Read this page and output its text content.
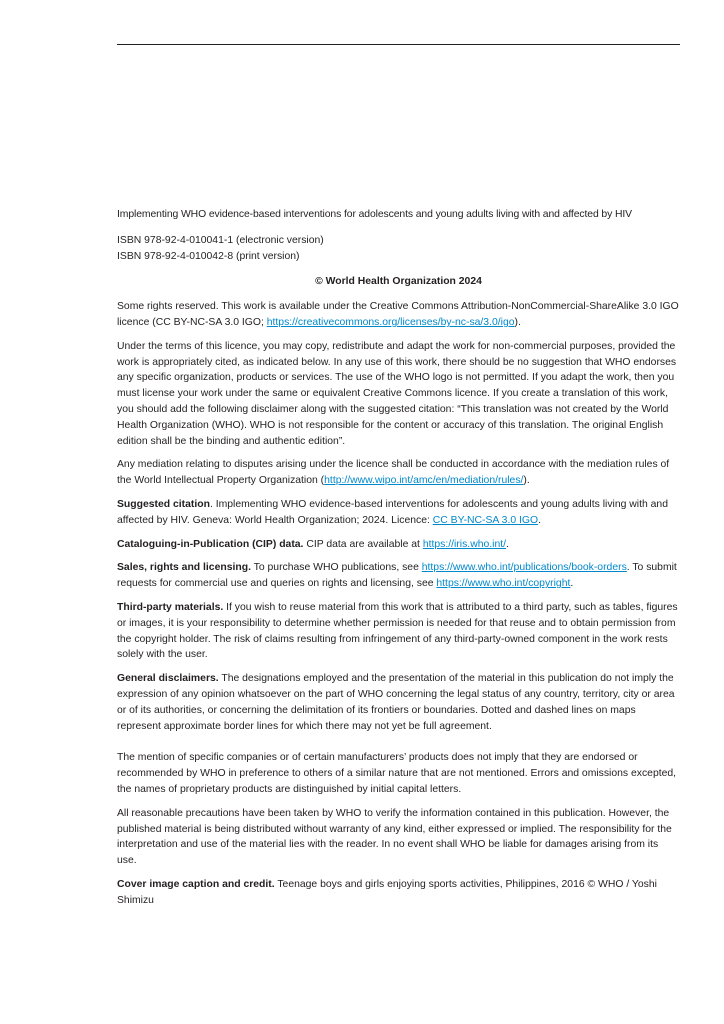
Implementing WHO evidence-based interventions for adolescents and young adults living with and affected by HIV

ISBN 978-92-4-010041-1 (electronic version)
ISBN 978-92-4-010042-8 (print version)

© World Health Organization 2024

Some rights reserved. This work is available under the Creative Commons Attribution-NonCommercial-ShareAlike 3.0 IGO licence (CC BY-NC-SA 3.0 IGO; https://creativecommons.org/licenses/by-nc-sa/3.0/igo).

Under the terms of this licence, you may copy, redistribute and adapt the work for non-commercial purposes, provided the work is appropriately cited, as indicated below. In any use of this work, there should be no suggestion that WHO endorses any specific organization, products or services. The use of the WHO logo is not permitted. If you adapt the work, then you must license your work under the same or equivalent Creative Commons licence. If you create a translation of this work, you should add the following disclaimer along with the suggested citation: “This translation was not created by the World Health Organization (WHO). WHO is not responsible for the content or accuracy of this translation. The original English edition shall be the binding and authentic edition”.

Any mediation relating to disputes arising under the licence shall be conducted in accordance with the mediation rules of the World Intellectual Property Organization (http://www.wipo.int/amc/en/mediation/rules/).

Suggested citation. Implementing WHO evidence-based interventions for adolescents and young adults living with and affected by HIV. Geneva: World Health Organization; 2024. Licence: CC BY-NC-SA 3.0 IGO.

Cataloguing-in-Publication (CIP) data. CIP data are available at https://iris.who.int/.

Sales, rights and licensing. To purchase WHO publications, see https://www.who.int/publications/book-orders. To submit requests for commercial use and queries on rights and licensing, see https://www.who.int/copyright.

Third-party materials. If you wish to reuse material from this work that is attributed to a third party, such as tables, figures or images, it is your responsibility to determine whether permission is needed for that reuse and to obtain permission from the copyright holder. The risk of claims resulting from infringement of any third-party-owned component in the work rests solely with the user.

General disclaimers. The designations employed and the presentation of the material in this publication do not imply the expression of any opinion whatsoever on the part of WHO concerning the legal status of any country, territory, city or area or of its authorities, or concerning the delimitation of its frontiers or boundaries. Dotted and dashed lines on maps represent approximate border lines for which there may not yet be full agreement.

The mention of specific companies or of certain manufacturers’ products does not imply that they are endorsed or recommended by WHO in preference to others of a similar nature that are not mentioned. Errors and omissions excepted, the names of proprietary products are distinguished by initial capital letters.

All reasonable precautions have been taken by WHO to verify the information contained in this publication. However, the published material is being distributed without warranty of any kind, either expressed or implied. The responsibility for the interpretation and use of the material lies with the reader. In no event shall WHO be liable for damages arising from its use.

Cover image caption and credit. Teenage boys and girls enjoying sports activities, Philippines, 2016 © WHO / Yoshi Shimizu
